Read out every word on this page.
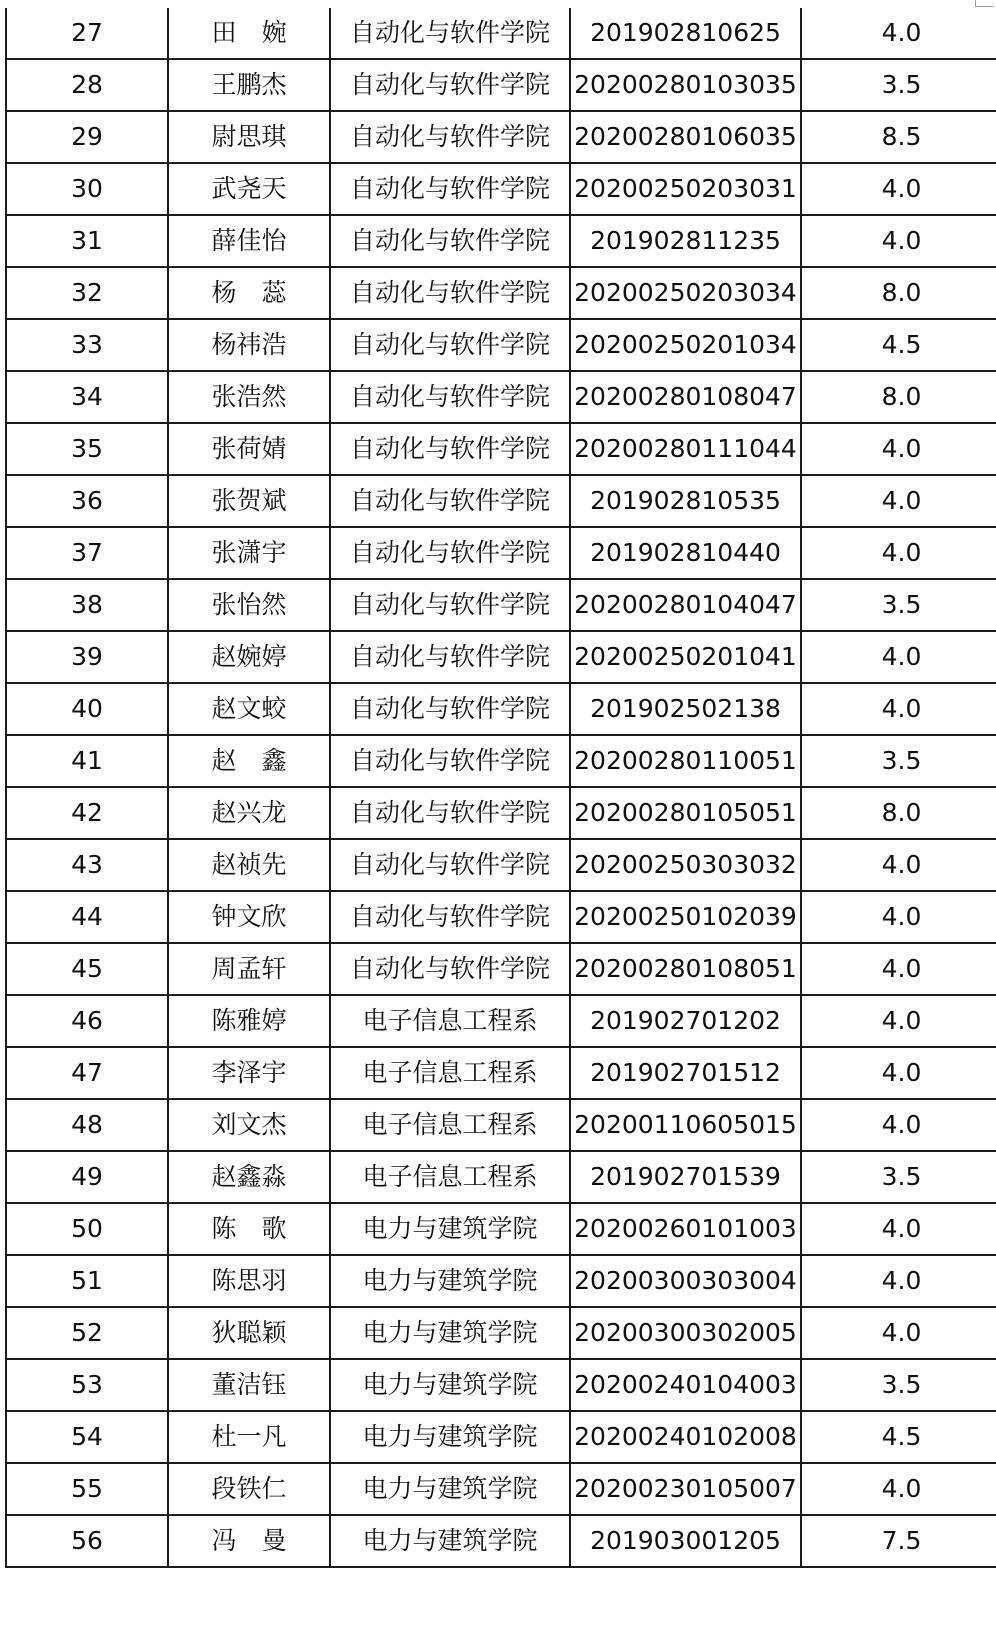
27	田　婉	自动化与软件学院	201902810625	4.0
28	王鹏杰	自动化与软件学院	20200280103035	3.5
29	尉思琪	自动化与软件学院	20200280106035	8.5
30	武尧天	自动化与软件学院	20200250203031	4.0
31	薛佳怡	自动化与软件学院	201902811235	4.0
32	杨　蕊	自动化与软件学院	20200250203034	8.0
33	杨祎浩	自动化与软件学院	20200250201034	4.5
34	张浩然	自动化与软件学院	20200280108047	8.0
35	张荷婧	自动化与软件学院	20200280111044	4.0
36	张贺斌	自动化与软件学院	201902810535	4.0
37	张潇宇	自动化与软件学院	201902810440	4.0
38	张怡然	自动化与软件学院	20200280104047	3.5
39	赵婉婷	自动化与软件学院	20200250201041	4.0
40	赵文蛟	自动化与软件学院	201902502138	4.0
41	赵　鑫	自动化与软件学院	20200280110051	3.5
42	赵兴龙	自动化与软件学院	20200280105051	8.0
43	赵祯先	自动化与软件学院	20200250303032	4.0
44	钟文欣	自动化与软件学院	20200250102039	4.0
45	周孟轩	自动化与软件学院	20200280108051	4.0
46	陈雅婷	电子信息工程系	201902701202	4.0
47	李泽宇	电子信息工程系	201902701512	4.0
48	刘文杰	电子信息工程系	20200110605015	4.0
49	赵鑫淼	电子信息工程系	201902701539	3.5
50	陈　歌	电力与建筑学院	20200260101003	4.0
51	陈思羽	电力与建筑学院	20200300303004	4.0
52	狄聪颖	电力与建筑学院	20200300302005	4.0
53	董洁钰	电力与建筑学院	20200240104003	3.5
54	杜一凡	电力与建筑学院	20200240102008	4.5
55	段铁仁	电力与建筑学院	20200230105007	4.0
56	冯　曼	电力与建筑学院	201903001205	7.5
